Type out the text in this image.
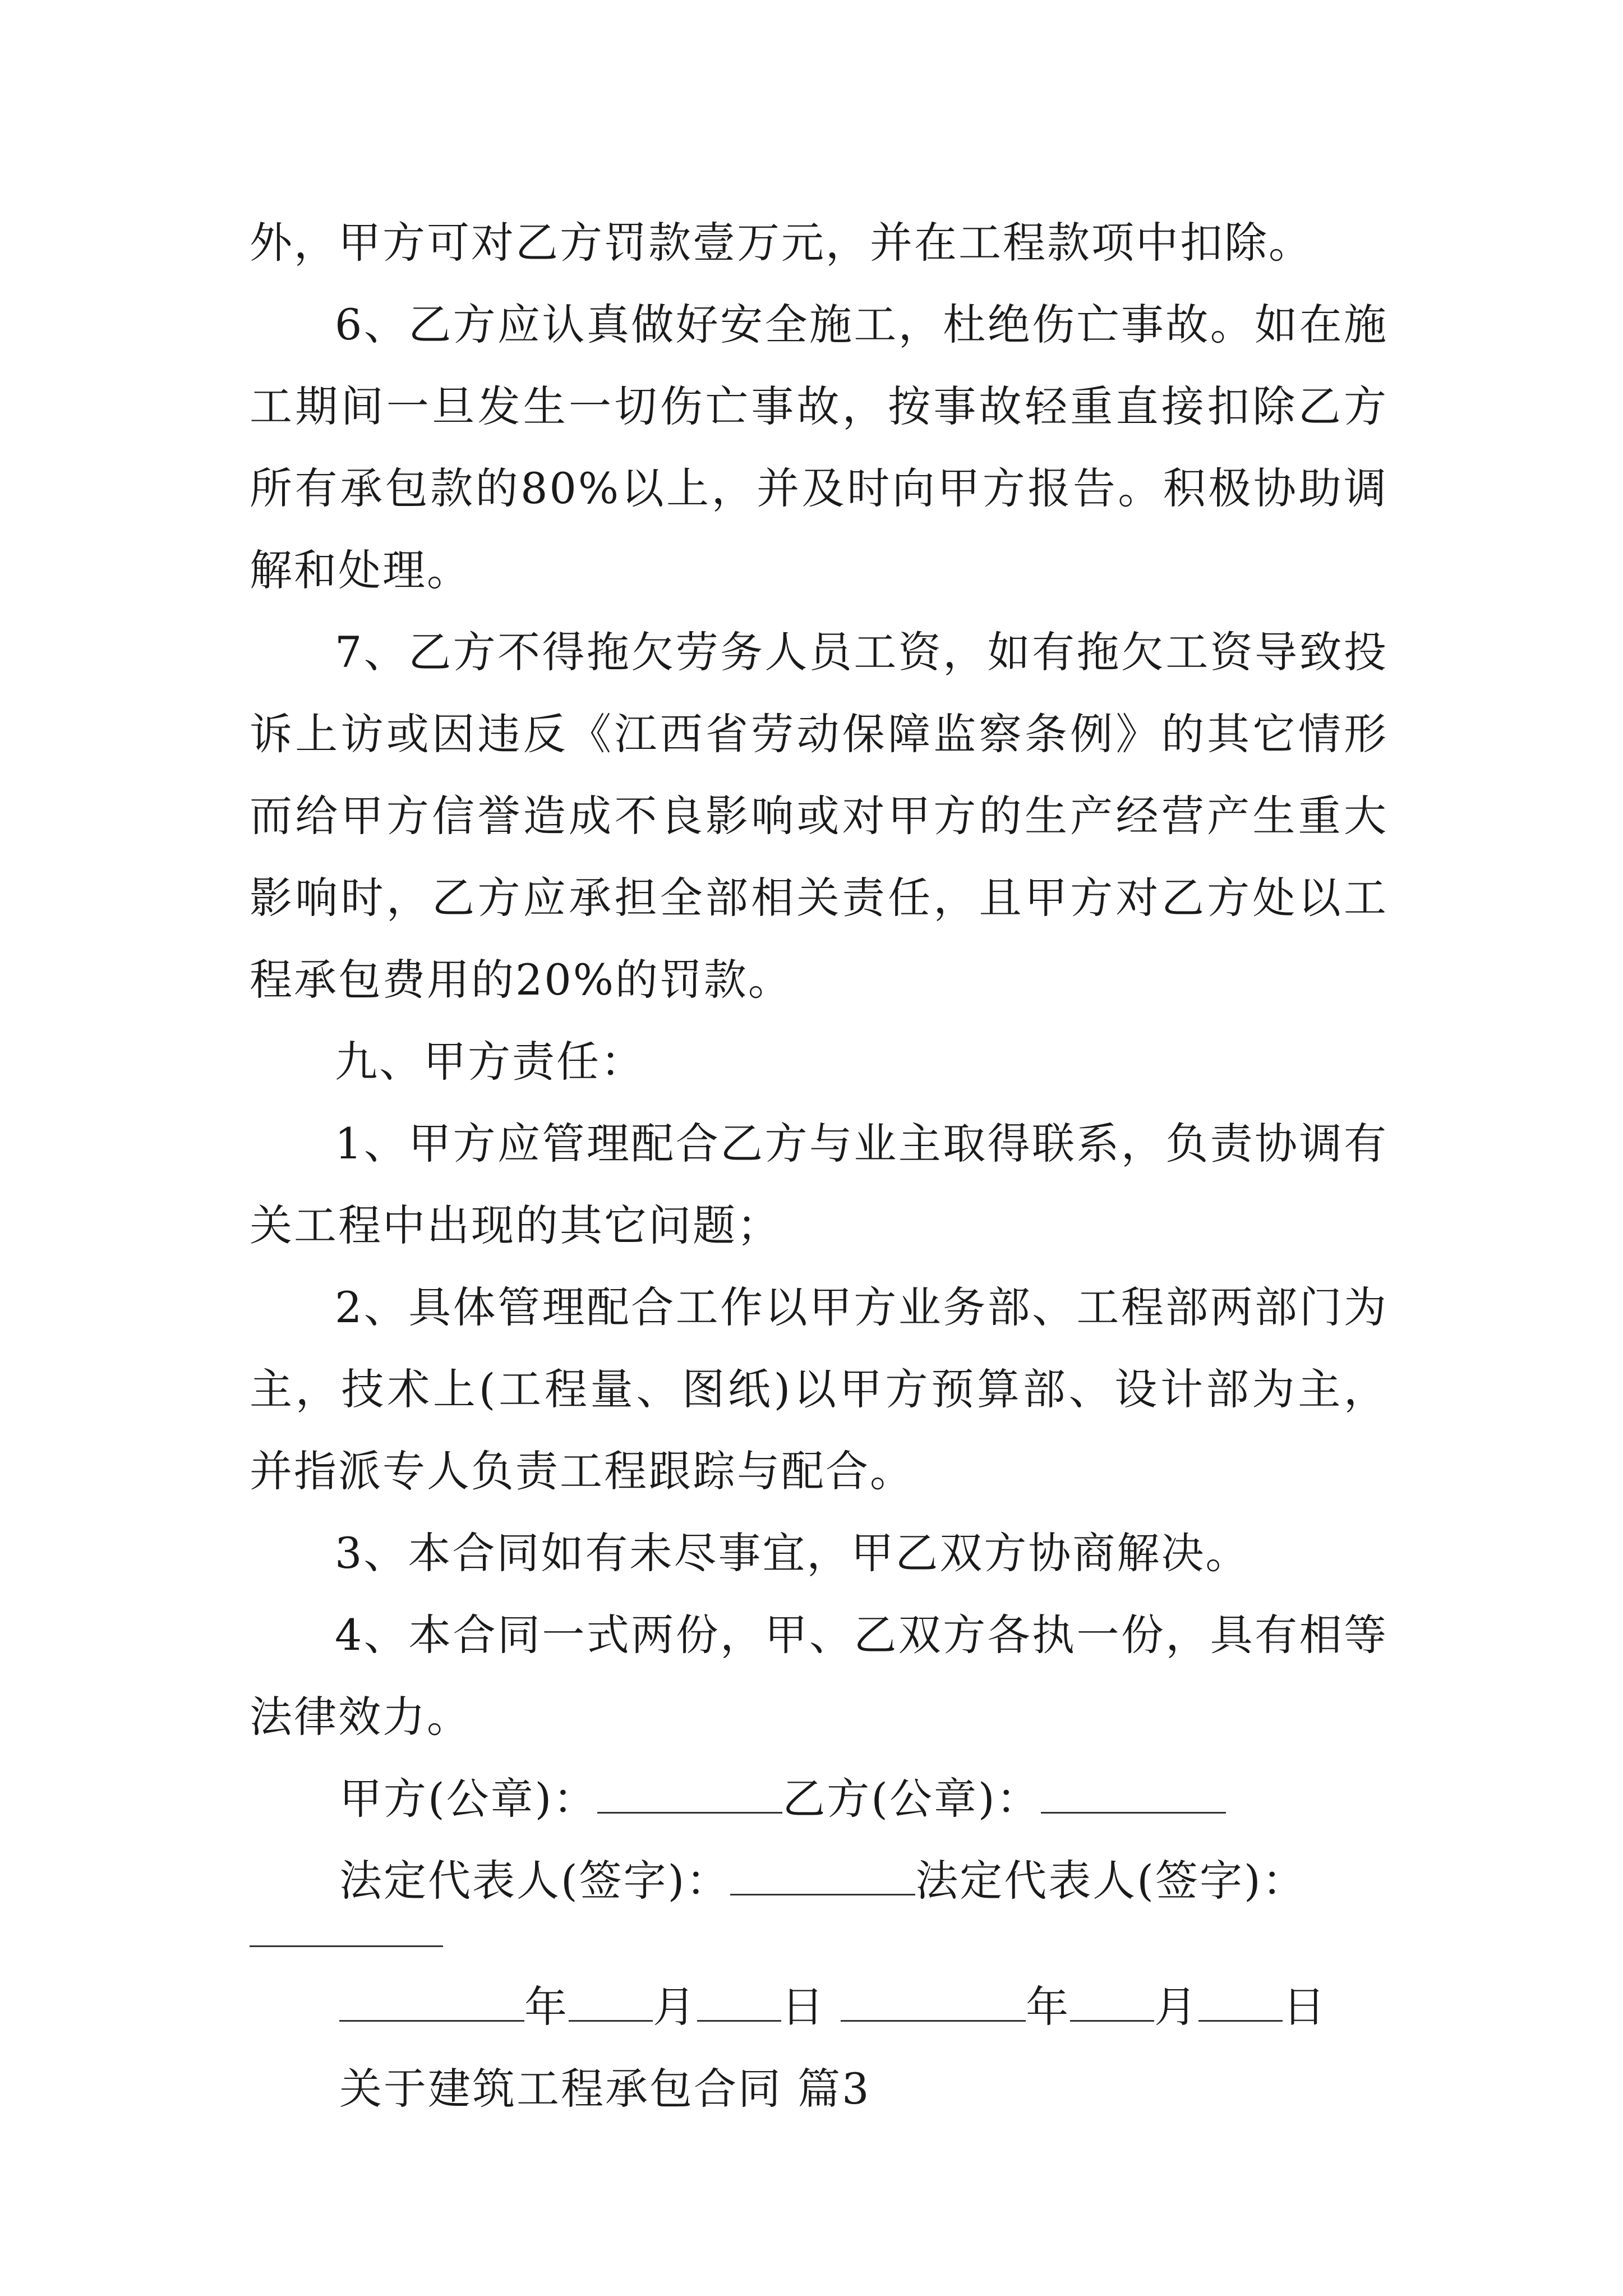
外，甲方可对乙方罚款壹万元，并在工程款项中扣除。

6、乙方应认真做好安全施工，杜绝伤亡事故。如在施工期间一旦发生一切伤亡事故，按事故轻重直接扣除乙方所有承包款的80%以上，并及时向甲方报告。积极协助调解和处理。

7、乙方不得拖欠劳务人员工资，如有拖欠工资导致投诉上访或因违反《江西省劳动保障监察条例》的其它情形而给甲方信誉造成不良影响或对甲方的生产经营产生重大影响时，乙方应承担全部相关责任，且甲方对乙方处以工程承包费用的20%的罚款。

九、甲方责任：

1、甲方应管理配合乙方与业主取得联系，负责协调有关工程中出现的其它问题；

2、具体管理配合工作以甲方业务部、工程部两部门为主，技术上(工程量、图纸)以甲方预算部、设计部为主，并指派专人负责工程跟踪与配合。

3、本合同如有未尽事宜，甲乙双方协商解决。

4、本合同一式两份，甲、乙双方各执一份，具有相等法律效力。

甲方(公章)：	乙方(公章)：

法定代表人(签字)：	法定代表人(签字)：

年 月 日	年 月 日

关于建筑工程承包合同 篇3
